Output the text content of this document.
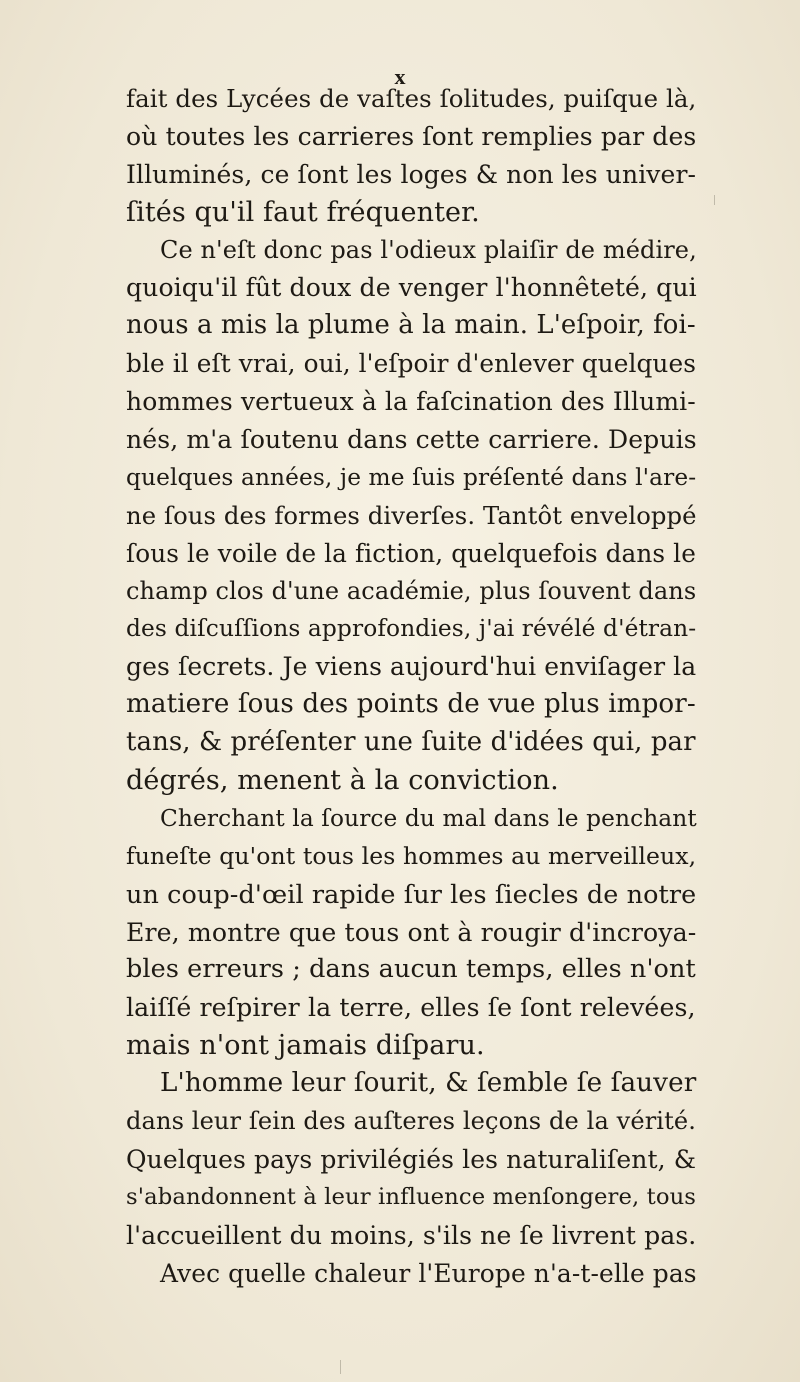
x
fait des Lycées de vaſtes ſolitudes, puiſque là,
où toutes les carrieres ſont remplies par des
Illuminés, ce ſont les loges & non les univer-
ſités qu'il faut fréquenter.
Ce n'eſt donc pas l'odieux plaiſir de médire,
quoiqu'il fût doux de venger l'honnêteté, qui
nous a mis la plume à la main. L'eſpoir, foi-
ble il eſt vrai, oui, l'eſpoir d'enlever quelques
hommes vertueux à la faſcination des Illumi-
nés, m'a ſoutenu dans cette carriere. Depuis
quelques années, je me ſuis préſenté dans l'are-
ne ſous des formes diverſes. Tantôt enveloppé
ſous le voile de la fiction, quelquefois dans le
champ clos d'une académie, plus ſouvent dans
des diſcuſſions approfondies, j'ai révélé d'étran-
ges ſecrets. Je viens aujourd'hui enviſager la
matiere ſous des points de vue plus impor-
tans, & préſenter une ſuite d'idées qui, par
dégrés, menent à la conviction.
Cherchant la ſource du mal dans le penchant
funeſte qu'ont tous les hommes au merveilleux,
un coup-d'œil rapide ſur les ſiecles de notre
Ere, montre que tous ont à rougir d'incroya-
bles erreurs ; dans aucun temps, elles n'ont
laiſſé reſpirer la terre, elles ſe ſont relevées,
mais n'ont jamais diſparu.
L'homme leur ſourit, & ſemble ſe ſauver
dans leur ſein des auſteres leçons de la vérité.
Quelques pays privilégiés les naturaliſent, &
s'abandonnent à leur influence menſongere, tous
l'accueillent du moins, s'ils ne ſe livrent pas.
Avec quelle chaleur l'Europe n'a-t-elle pas
